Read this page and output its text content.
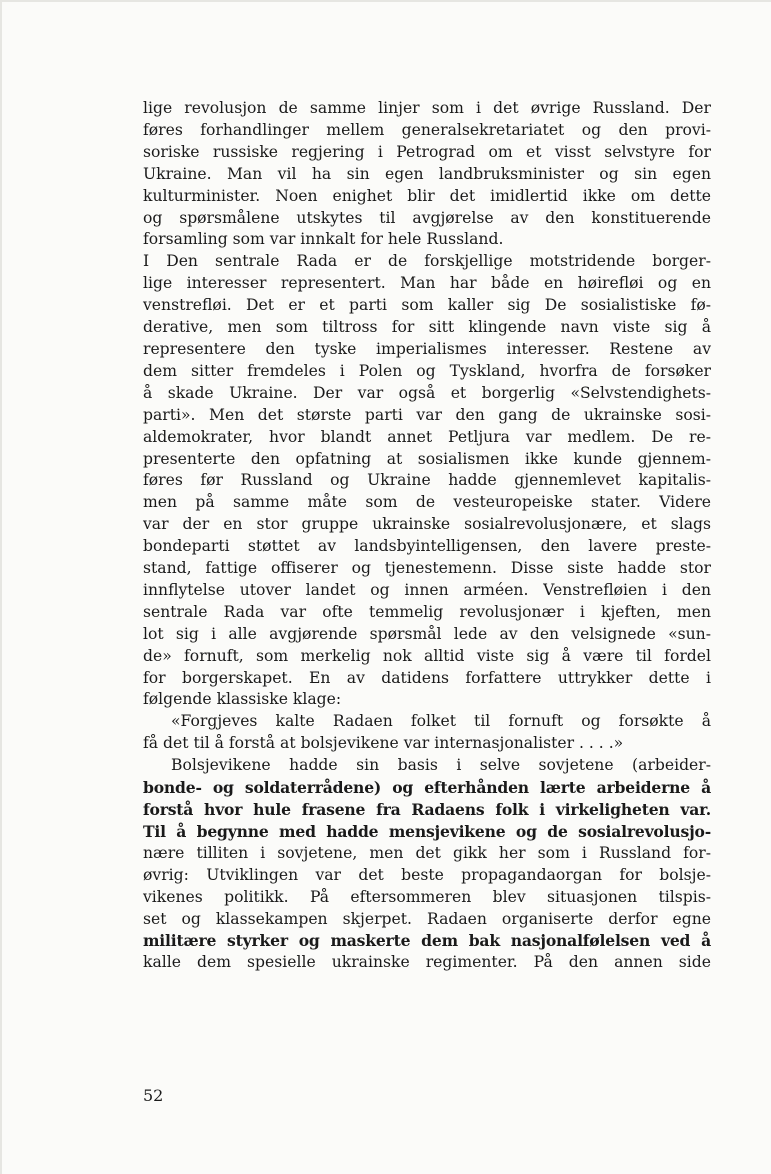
lige revolusjon de samme linjer som i det øvrige Russland. Der
føres forhandlinger mellem generalsekretariatet og den provi-
soriske russiske regjering i Petrograd om et visst selvstyre for
Ukraine. Man vil ha sin egen landbruksminister og sin egen
kulturminister. Noen enighet blir det imidlertid ikke om dette
og spørsmålene utskytes til avgjørelse av den konstituerende
forsamling som var innkalt for hele Russland.
I Den sentrale Rada er de forskjellige motstridende borger-
lige interesser representert. Man har både en høirefløi og en
venstrefløi. Det er et parti som kaller sig De sosialistiske fø-
derative, men som tiltross for sitt klingende navn viste sig å
representere den tyske imperialismes interesser. Restene av
dem sitter fremdeles i Polen og Tyskland, hvorfra de forsøker
å skade Ukraine. Der var også et borgerlig «Selvstendighets-
parti». Men det største parti var den gang de ukrainske sosi-
aldemokrater, hvor blandt annet Petljura var medlem. De re-
presenterte den opfatning at sosialismen ikke kunde gjennem-
føres før Russland og Ukraine hadde gjennemlevet kapitalis-
men på samme måte som de vesteuropeiske stater. Videre
var der en stor gruppe ukrainske sosialrevolusjonære, et slags
bondeparti støttet av landsbyintelligensen, den lavere preste-
stand, fattige offiserer og tjenestemenn. Disse siste hadde stor
innflytelse utover landet og innen arméen. Venstrefløien i den
sentrale Rada var ofte temmelig revolusjonær i kjeften, men
lot sig i alle avgjørende spørsmål lede av den velsignede «sun-
de» fornuft, som merkelig nok alltid viste sig å være til fordel
for borgerskapet. En av datidens forfattere uttrykker dette i
følgende klassiske klage:
«Forgjeves kalte Radaen folket til fornuft og forsøkte å
få det til å forstå at bolsjevikene var internasjonalister . . . .»
Bolsjevikene hadde sin basis i selve sovjetene (arbeider-
bonde- og soldaterrådene) og efterhånden lærte arbeiderne å
forstå hvor hule frasene fra Radaens folk i virkeligheten var.
Til å begynne med hadde mensjevikene og de sosialrevolusjo-
nære tilliten i sovjetene, men det gikk her som i Russland for-
øvrig: Utviklingen var det beste propagandaorgan for bolsje-
vikenes politikk. På eftersommeren blev situasjonen tilspis-
set og klassekampen skjerpet. Radaen organiserte derfor egne
militære styrker og maskerte dem bak nasjonalfølelsen ved å
kalle dem spesielle ukrainske regimenter. På den annen side
52
